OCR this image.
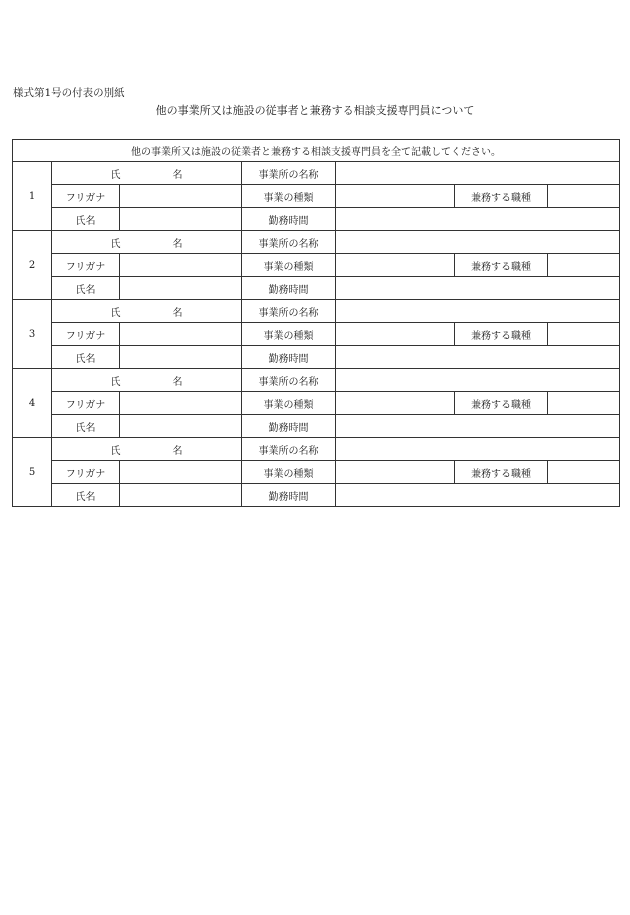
様式第1号の付表の別紙
他の事業所又は施設の従事者と兼務する相談支援専門員について
他の事業所又は施設の従業者と兼務する相談支援専門員を全て記載してください。						
1	氏 名		事業所の名称			
	フリガナ		事業の種類		兼務する職種	
	氏名		勤務時間			
2	氏 名		事業所の名称			
	フリガナ		事業の種類		兼務する職種	
	氏名		勤務時間			
3	氏 名		事業所の名称			
	フリガナ		事業の種類		兼務する職種	
	氏名		勤務時間			
4	氏 名		事業所の名称			
	フリガナ		事業の種類		兼務する職種	
	氏名		勤務時間			
5	氏 名		事業所の名称			
	フリガナ		事業の種類		兼務する職種	
	氏名		勤務時間			
